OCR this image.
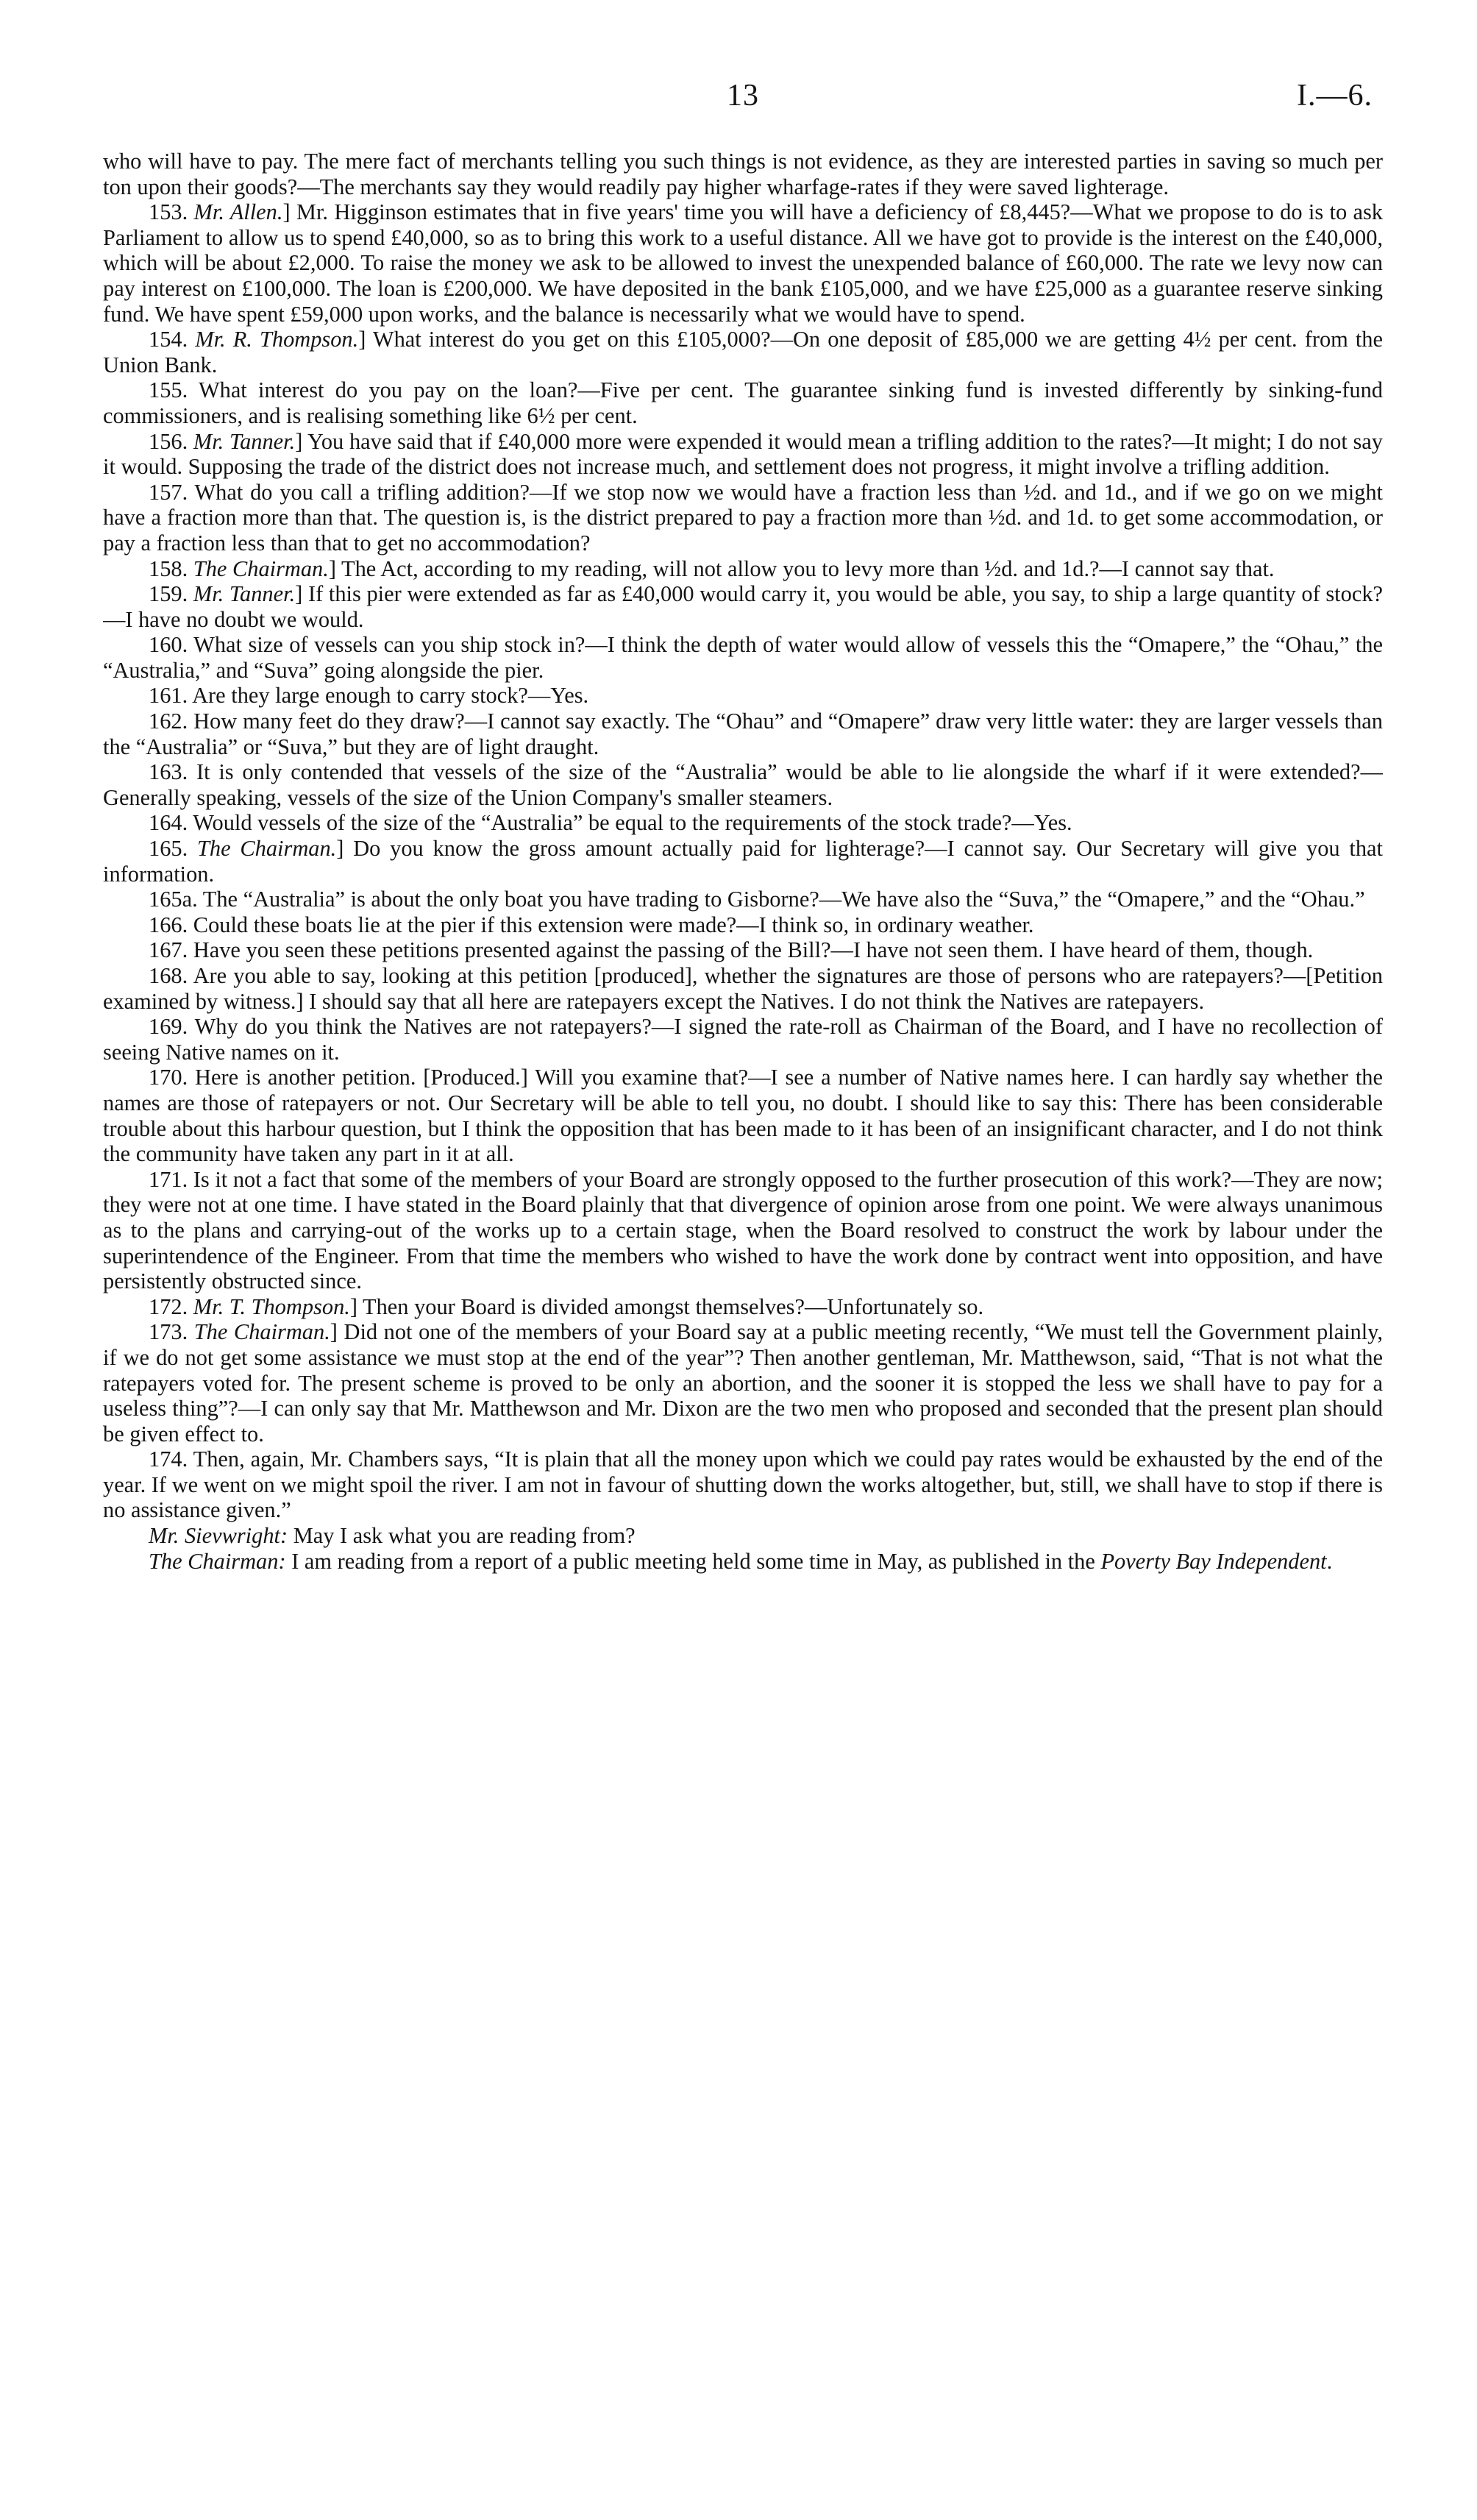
13	I.—6.

who will have to pay. The mere fact of merchants telling you such things is not evidence, as they are interested parties in saving so much per ton upon their goods?—The merchants say they would readily pay higher wharfage-rates if they were saved lighterage.

153. Mr. Allen.] Mr. Higginson estimates that in five years' time you will have a deficiency of £8,445?—What we propose to do is to ask Parliament to allow us to spend £40,000, so as to bring this work to a useful distance. All we have got to provide is the interest on the £40,000, which will be about £2,000. To raise the money we ask to be allowed to invest the unexpended balance of £60,000. The rate we levy now can pay interest on £100,000. The loan is £200,000. We have deposited in the bank £105,000, and we have £25,000 as a guarantee reserve sinking fund. We have spent £59,000 upon works, and the balance is necessarily what we would have to spend.

154. Mr. R. Thompson.] What interest do you get on this £105,000?—On one deposit of £85,000 we are getting 4½ per cent. from the Union Bank.

155. What interest do you pay on the loan?—Five per cent. The guarantee sinking fund is invested differently by sinking-fund commissioners, and is realising something like 6½ per cent.

156. Mr. Tanner.] You have said that if £40,000 more were expended it would mean a trifling addition to the rates?—It might; I do not say it would. Supposing the trade of the district does not increase much, and settlement does not progress, it might involve a trifling addition.

157. What do you call a trifling addition?—If we stop now we would have a fraction less than ½d. and 1d., and if we go on we might have a fraction more than that. The question is, is the district prepared to pay a fraction more than ½d. and 1d. to get some accommodation, or pay a fraction less than that to get no accommodation?

158. The Chairman.] The Act, according to my reading, will not allow you to levy more than ½d. and 1d.?—I cannot say that.

159. Mr. Tanner.] If this pier were extended as far as £40,000 would carry it, you would be able, you say, to ship a large quantity of stock?—I have no doubt we would.

160. What size of vessels can you ship stock in?—I think the depth of water would allow of vessels this the “Omapere,” the “Ohau,” the “Australia,” and “Suva” going alongside the pier.

161. Are they large enough to carry stock?—Yes.

162. How many feet do they draw?—I cannot say exactly. The “Ohau” and “Omapere” draw very little water: they are larger vessels than the “Australia” or “Suva,” but they are of light draught.

163. It is only contended that vessels of the size of the “Australia” would be able to lie alongside the wharf if it were extended?—Generally speaking, vessels of the size of the Union Company's smaller steamers.

164. Would vessels of the size of the “Australia” be equal to the requirements of the stock trade?—Yes.

165. The Chairman.] Do you know the gross amount actually paid for lighterage?—I cannot say. Our Secretary will give you that information.

165a. The “Australia” is about the only boat you have trading to Gisborne?—We have also the “Suva,” the “Omapere,” and the “Ohau.”

166. Could these boats lie at the pier if this extension were made?—I think so, in ordinary weather.

167. Have you seen these petitions presented against the passing of the Bill?—I have not seen them. I have heard of them, though.

168. Are you able to say, looking at this petition [produced], whether the signatures are those of persons who are ratepayers?—[Petition examined by witness.] I should say that all here are ratepayers except the Natives. I do not think the Natives are ratepayers.

169. Why do you think the Natives are not ratepayers?—I signed the rate-roll as Chairman of the Board, and I have no recollection of seeing Native names on it.

170. Here is another petition. [Produced.] Will you examine that?—I see a number of Native names here. I can hardly say whether the names are those of ratepayers or not. Our Secretary will be able to tell you, no doubt. I should like to say this: There has been considerable trouble about this harbour question, but I think the opposition that has been made to it has been of an insignificant character, and I do not think the community have taken any part in it at all.

171. Is it not a fact that some of the members of your Board are strongly opposed to the further prosecution of this work?—They are now; they were not at one time. I have stated in the Board plainly that that divergence of opinion arose from one point. We were always unanimous as to the plans and carrying-out of the works up to a certain stage, when the Board resolved to construct the work by labour under the superintendence of the Engineer. From that time the members who wished to have the work done by contract went into opposition, and have persistently obstructed since.

172. Mr. T. Thompson.] Then your Board is divided amongst themselves?—Unfortunately so.

173. The Chairman.] Did not one of the members of your Board say at a public meeting recently, “We must tell the Government plainly, if we do not get some assistance we must stop at the end of the year”? Then another gentleman, Mr. Matthewson, said, “That is not what the ratepayers voted for. The present scheme is proved to be only an abortion, and the sooner it is stopped the less we shall have to pay for a useless thing”?—I can only say that Mr. Matthewson and Mr. Dixon are the two men who proposed and seconded that the present plan should be given effect to.

174. Then, again, Mr. Chambers says, “It is plain that all the money upon which we could pay rates would be exhausted by the end of the year. If we went on we might spoil the river. I am not in favour of shutting down the works altogether, but, still, we shall have to stop if there is no assistance given.”

Mr. Sievwright: May I ask what you are reading from?

The Chairman: I am reading from a report of a public meeting held some time in May, as published in the Poverty Bay Independent.
